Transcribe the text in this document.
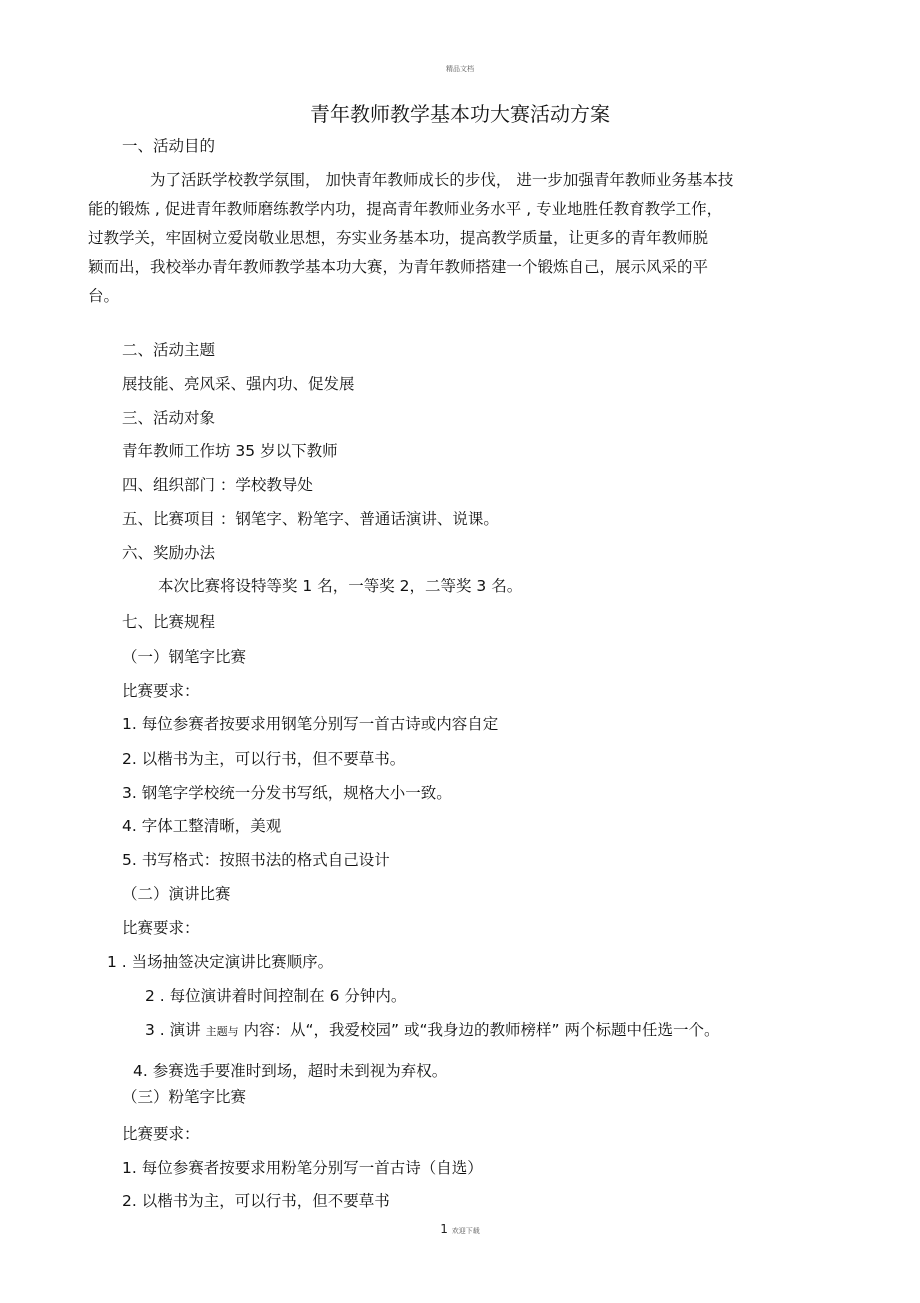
精品文档
青年教师教学基本功大赛活动方案
一、活动目的
为了活跃学校教学氛围， 加快青年教师成长的步伐， 进一步加强青年教师业务基本技
能的锻炼 , 促进青年教师磨练教学内功，提高青年教师业务水平 , 专业地胜任教育教学工作，
过教学关，牢固树立爱岗敬业思想，夯实业务基本功，提高教学质量，让更多的青年教师脱
颖而出，我校举办青年教师教学基本功大赛，为青年教师搭建一个锻炼自己，展示风采的平
台。
二、活动主题
展技能、亮风采、强内功、促发展
三、活动对象
青年教师工作坊 35 岁以下教师
四、组织部门 ：学校教导处
五、比赛项目 ：钢笔字、粉笔字、普通话演讲、说课。
六、奖励办法
本次比赛将设特等奖 1 名，一等奖 2，二等奖 3 名。
七、比赛规程
（一）钢笔字比赛
比赛要求：
1. 每位参赛者按要求用钢笔分别写一首古诗或内容自定
2. 以楷书为主，可以行书，但不要草书。
3. 钢笔字学校统一分发书写纸，规格大小一致。
4. 字体工整清晰，美观
5. 书写格式：按照书法的格式自己设计
（二）演讲比赛
比赛要求：
1 . 当场抽签决定演讲比赛顺序。
2 . 每位演讲着时间控制在 6 分钟内。
3 . 演讲 主题与 内容：从“，我爱校园” 或“我身边的教师榜样” 两个标题中任选一个。
4. 参赛选手要准时到场，超时未到视为弃权。
（三）粉笔字比赛
比赛要求：
1. 每位参赛者按要求用粉笔分别写一首古诗（自选）
2. 以楷书为主，可以行书，但不要草书
1 欢迎下载
